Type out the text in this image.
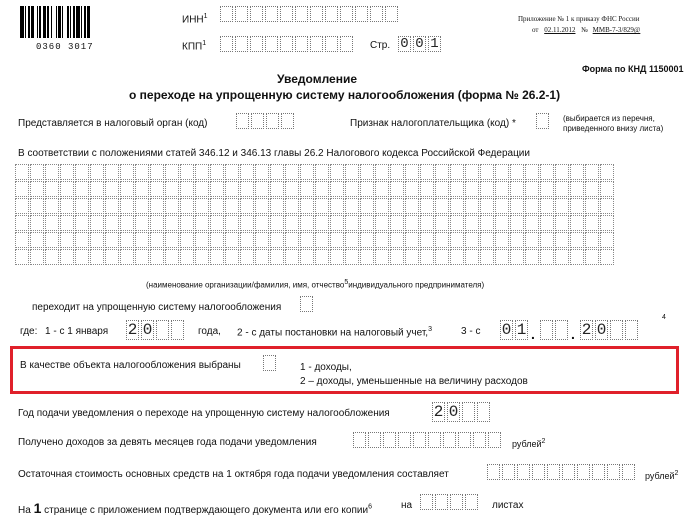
0360 3017
ИНН$^1$
КПП$^1$	Стр. 0 0 1
Приложение № 1 к приказу ФНС России
от 02.11.2012 № ММВ-7-3/829@
Форма по КНД 1150001
Уведомление
о переходе на упрощенную систему налогообложения (форма № 26.2-1)
Представляется в налоговый орган (код)	Признак налогоплательщика (код) *	(выбирается из перечня,
приведенного внизу листа)
В соответствии с положениями статей 346.12 и 346.13 главы 26.2 Налогового кодекса Российской Федерации
(наименование организации/фамилия, имя, отчество5индивидуального предпринимателя)
переходит на упрощенную систему налогообложения
где: 1 - с 1 января 2 0	года, 2 - с даты постановки на налоговый учет,$^3$	3 - с 0 1 .	. 2 0
4
В качестве объекта налогообложения выбраны	1 - доходы,
2 – доходы, уменьшенные на величину расходов
Год подачи уведомления о переходе на упрощенную систему налогообложения	2 0
Получено доходов за девять месяцев года подачи уведомления	рублей$^2$
Остаточная стоимость основных средств на 1 октября года подачи уведомления составляет	рублей$^2$
На 1 странице с приложением подтверждающего документа или его копии$^6$	на	листах
